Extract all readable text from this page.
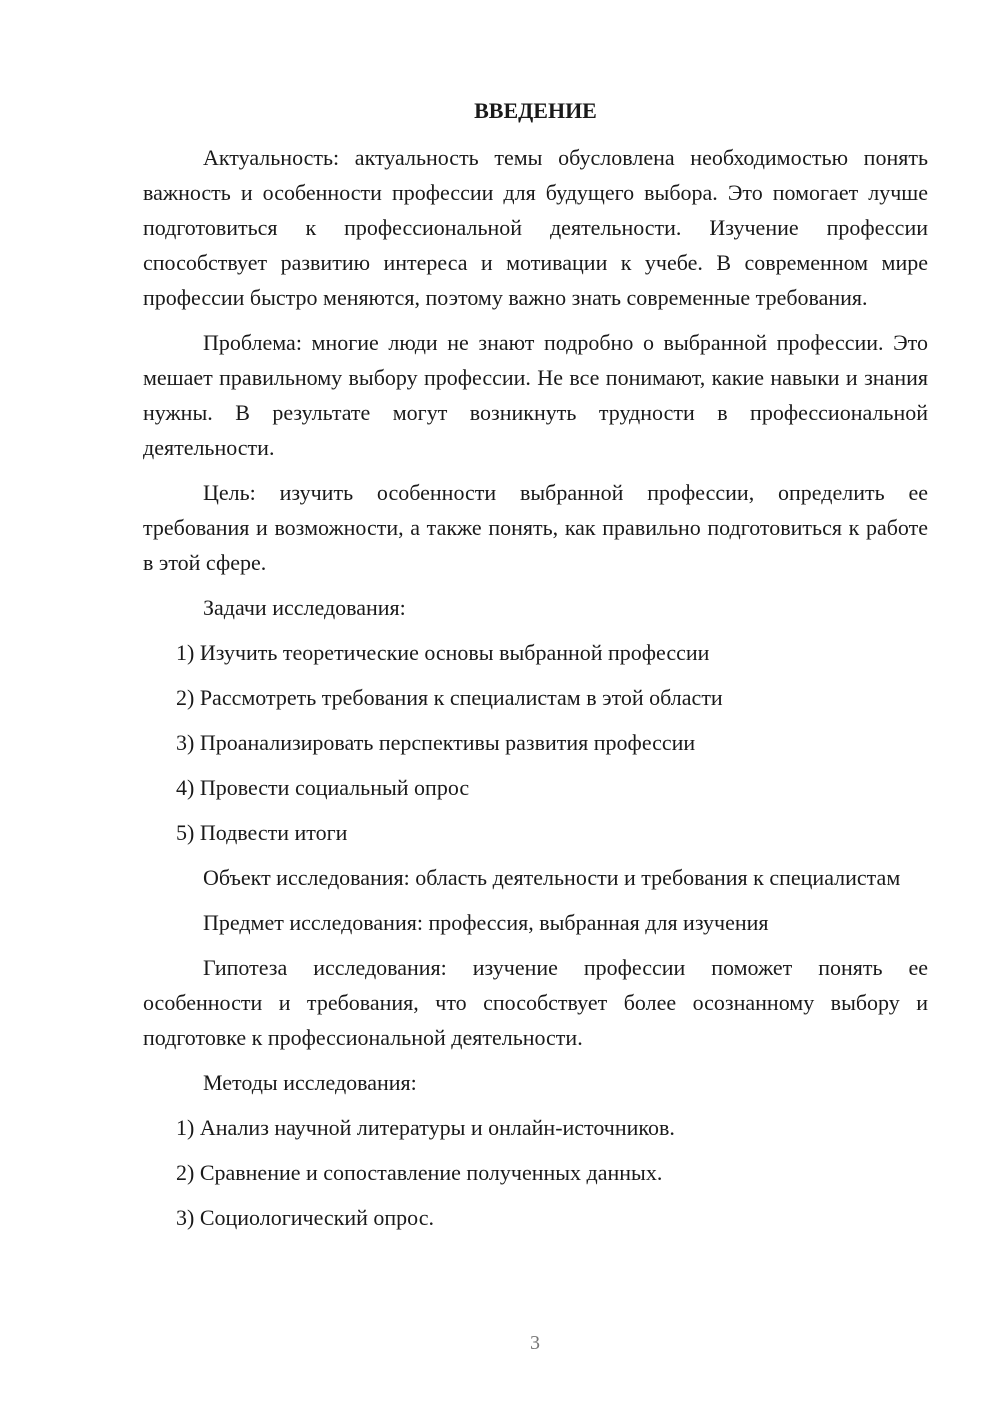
ВВЕДЕНИЕ
Актуальность: актуальность темы обусловлена необходимостью понять важность и особенности профессии для будущего выбора. Это помогает лучше подготовиться к профессиональной деятельности. Изучение профессии способствует развитию интереса и мотивации к учебе. В современном мире профессии быстро меняются, поэтому важно знать современные требования.
Проблема: многие люди не знают подробно о выбранной профессии. Это мешает правильному выбору профессии. Не все понимают, какие навыки и знания нужны. В результате могут возникнуть трудности в профессиональной деятельности.
Цель: изучить особенности выбранной профессии, определить ее требования и возможности, а также понять, как правильно подготовиться к работе в этой сфере.
Задачи исследования:
1) Изучить теоретические основы выбранной профессии
2) Рассмотреть требования к специалистам в этой области
3) Проанализировать перспективы развития профессии
4) Провести социальный опрос
5) Подвести итоги
Объект исследования: область деятельности и требования к специалистам
Предмет исследования: профессия, выбранная для изучения
Гипотеза исследования: изучение профессии поможет понять ее особенности и требования, что способствует более осознанному выбору и подготовке к профессиональной деятельности.
Методы исследования:
1) Анализ научной литературы и онлайн-источников.
2) Сравнение и сопоставление полученных данных.
3) Социологический опрос.
3
